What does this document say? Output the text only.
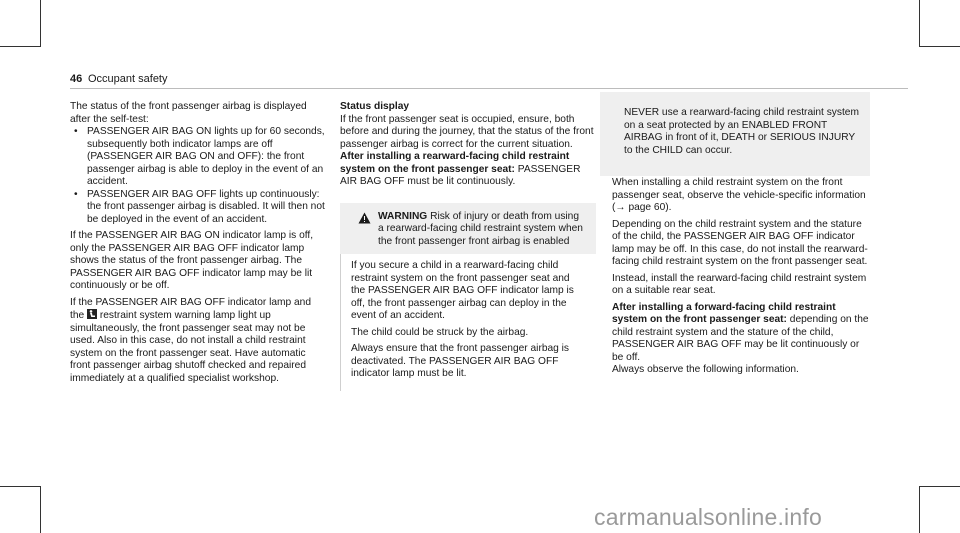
46 Occupant safety

The status of the front passenger airbag is displayed after the self-test:

• PASSENGER AIR BAG ON lights up for 60 seconds, subsequently both indicator lamps are off (PASSENGER AIR BAG ON and OFF): the front passenger airbag is able to deploy in the event of an accident.
• PASSENGER AIR BAG OFF lights up continuously: the front passenger airbag is disabled. It will then not be deployed in the event of an accident.

If the PASSENGER AIR BAG ON indicator lamp is off, only the PASSENGER AIR BAG OFF indicator lamp shows the status of the front passenger airbag. The PASSENGER AIR BAG OFF indicator lamp may be lit continuously or be off.

If the PASSENGER AIR BAG OFF indicator lamp and the restraint system warning lamp light up simultaneously, the front passenger seat may not be used. Also in this case, do not install a child restraint system on the front passenger seat. Have automatic front passenger airbag shutoff checked and repaired immediately at a qualified specialist workshop.

Status display

If the front passenger seat is occupied, ensure, both before and during the journey, that the status of the front passenger airbag is correct for the current situation.

After installing a rearward-facing child restraint system on the front passenger seat: PASSENGER AIR BAG OFF must be lit continuously.

WARNING Risk of injury or death from using a rearward-facing child restraint system when the front passenger front airbag is enabled

If you secure a child in a rearward-facing child restraint system on the front passenger seat and the PASSENGER AIR BAG OFF indicator lamp is off, the front passenger airbag can deploy in the event of an accident.

The child could be struck by the airbag.

Always ensure that the front passenger airbag is deactivated. The PASSENGER AIR BAG OFF indicator lamp must be lit.

NEVER use a rearward-facing child restraint system on a seat protected by an ENABLED FRONT AIRBAG in front of it, DEATH or SERIOUS INJURY to the CHILD can occur.

When installing a child restraint system on the front passenger seat, observe the vehicle-specific information (→ page 60).

Depending on the child restraint system and the stature of the child, the PASSENGER AIR BAG OFF indicator lamp may be off. In this case, do not install the rearward-facing child restraint system on the front passenger seat.

Instead, install the rearward-facing child restraint system on a suitable rear seat.

After installing a forward-facing child restraint system on the front passenger seat: depending on the child restraint system and the stature of the child, PASSENGER AIR BAG OFF may be lit continuously or be off.

Always observe the following information.

carmanualsonline.info
